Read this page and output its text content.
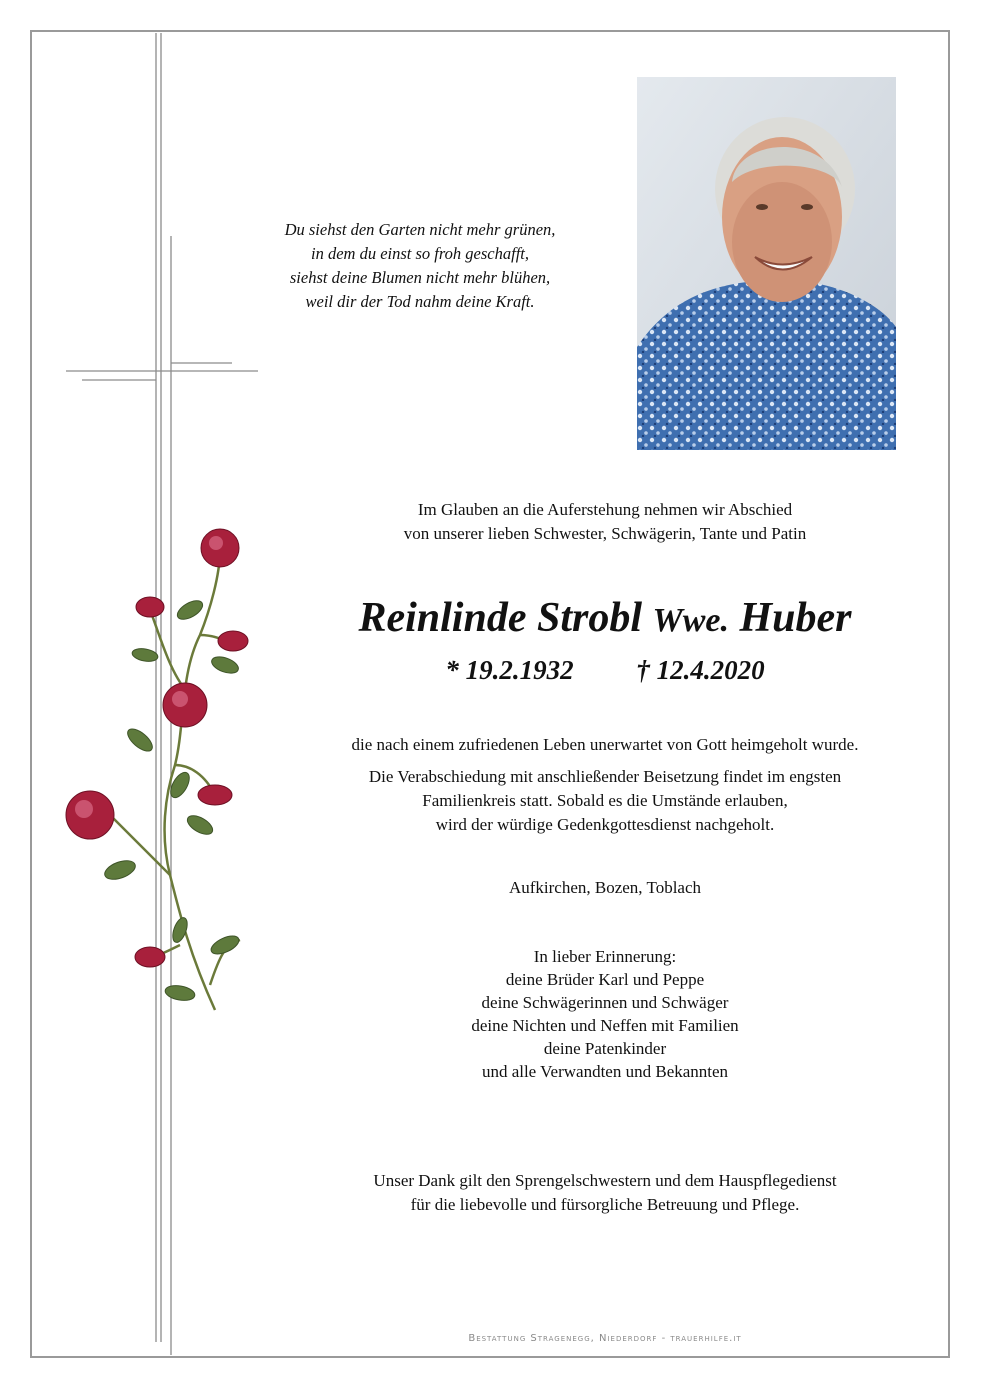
Du siehst den Garten nicht mehr grünen,
in dem du einst so froh geschafft,
siehst deine Blumen nicht mehr blühen,
weil dir der Tod nahm deine Kraft.
Im Glauben an die Auferstehung nehmen wir Abschied
von unserer lieben Schwester, Schwägerin, Tante und Patin
Reinlinde Strobl Wwe. Huber
* 19.2.1932 † 12.4.2020
die nach einem zufriedenen Leben unerwartet von Gott heimgeholt wurde.
Die Verabschiedung mit anschließender Beisetzung findet im engsten
Familienkreis statt. Sobald es die Umstände erlauben,
wird der würdige Gedenkgottesdienst nachgeholt.
Aufkirchen, Bozen, Toblach
In lieber Erinnerung:
deine Brüder Karl und Peppe
deine Schwägerinnen und Schwäger
deine Nichten und Neffen mit Familien
deine Patenkinder
und alle Verwandten und Bekannten
Unser Dank gilt den Sprengelschwestern und dem Hauspflegedienst
für die liebevolle und fürsorgliche Betreuung und Pflege.
Bestattung Stragenegg, Niederdorf - trauerhilfe.it
